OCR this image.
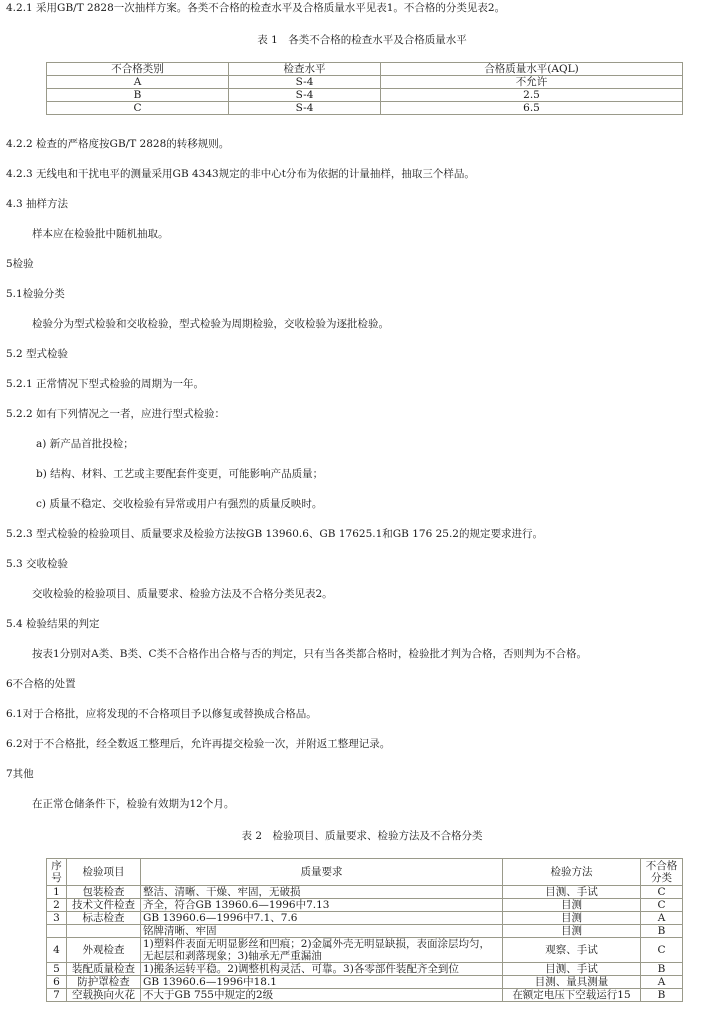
4.2.1 采用GB/T 2828一次抽样方案。各类不合格的检查水平及合格质量水平见表1。不合格的分类见表2。
表 1　各类不合格的检查水平及合格质量水平
不合格类别	检查水平	合格质量水平(AQL)
A	S-4	不允许
B	S-4	2.5
C	S-4	6.5
4.2.2 检查的严格度按GB/T 2828的转移规则。
4.2.3 无线电和干扰电平的测量采用GB 4343规定的非中心t分布为依据的计量抽样，抽取三个样品。
4.3 抽样方法
样本应在检验批中随机抽取。
5检验
5.1检验分类
检验分为型式检验和交收检验，型式检验为周期检验，交收检验为逐批检验。
5.2 型式检验
5.2.1 正常情况下型式检验的周期为一年。
5.2.2 如有下列情况之一者，应进行型式检验：
a) 新产品首批投检；
b) 结构、材料、工艺或主要配套件变更，可能影响产品质量；
c) 质量不稳定、交收检验有异常或用户有强烈的质量反映时。
5.2.3 型式检验的检验项目、质量要求及检验方法按GB 13960.6、GB 17625.1和GB 176 25.2的规定要求进行。
5.3 交收检验
交收检验的检验项目、质量要求、检验方法及不合格分类见表2。
5.4 检验结果的判定
按表1分别对A类、B类、C类不合格作出合格与否的判定，只有当各类都合格时，检验批才判为合格，否则判为不合格。
6不合格的处置
6.1对于合格批，应将发现的不合格项目予以修复或替换成合格品。
6.2对于不合格批，经全数返工整理后，允许再提交检验一次，并附返工整理记录。
7其他
在正常仓储条件下，检验有效期为12个月。
表 2　检验项目、质量要求、检验方法及不合格分类
序号	检验项目	质量要求	检验方法	不合格分类
1	包装检查	整洁、清晰、干燥、牢固，无破损	目测、手试	C
2	技术文件检查	齐全，符合GB 13960.6—1996中7.13	目测	C
3	标志检查	GB 13960.6—1996中7.1、7.6	目测	A
		铭牌清晰、牢固	目测	B
4	外观检查	1)塑料件表面无明显影丝和凹痕；2)金属外壳无明显缺损，表面涂层均匀，无起层和剥落现象；3)轴承无严重漏油	观察、手试	C
5	装配质量检查	1)搬条运转平稳。2)调整机构灵活、可靠。3)各零部件装配齐全到位	目测、手试	B
6	防护罩检查	GB 13960.6—1996中18.1	目测、量具测量	A
7	空载换向火花	不大于GB 755中规定的2级	在额定电压下空载运行15	B
